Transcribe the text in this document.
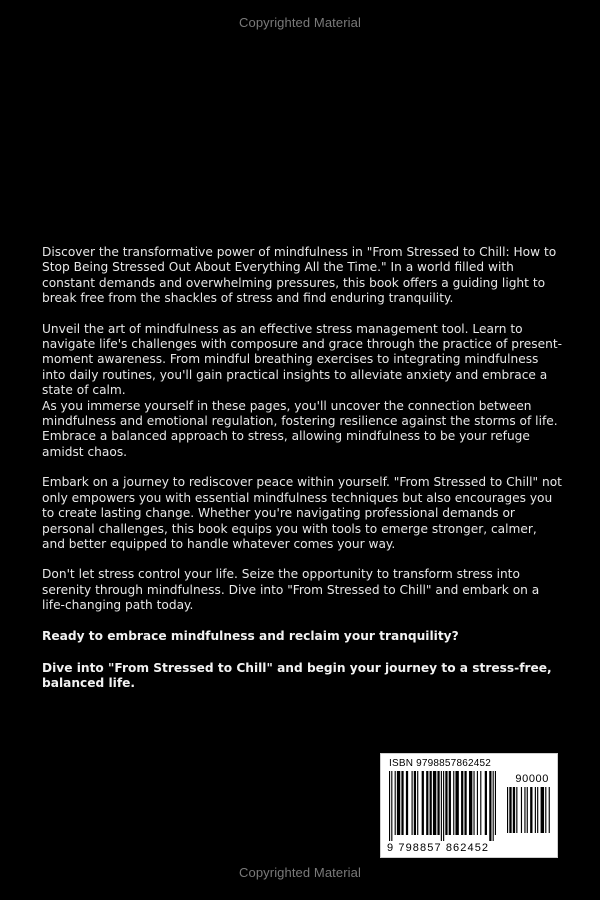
Copyrighted Material

Discover the transformative power of mindfulness in "From Stressed to Chill: How to Stop Being Stressed Out About Everything All the Time." In a world filled with constant demands and overwhelming pressures, this book offers a guiding light to break free from the shackles of stress and find enduring tranquility.

Unveil the art of mindfulness as an effective stress management tool. Learn to navigate life's challenges with composure and grace through the practice of present-moment awareness. From mindful breathing exercises to integrating mindfulness into daily routines, you'll gain practical insights to alleviate anxiety and embrace a state of calm.

As you immerse yourself in these pages, you'll uncover the connection between mindfulness and emotional regulation, fostering resilience against the storms of life. Embrace a balanced approach to stress, allowing mindfulness to be your refuge amidst chaos.

Embark on a journey to rediscover peace within yourself. "From Stressed to Chill" not only empowers you with essential mindfulness techniques but also encourages you to create lasting change. Whether you're navigating professional demands or personal challenges, this book equips you with tools to emerge stronger, calmer, and better equipped to handle whatever comes your way.

Don't let stress control your life. Seize the opportunity to transform stress into serenity through mindfulness. Dive into "From Stressed to Chill" and embark on a life-changing path today.

Ready to embrace mindfulness and reclaim your tranquility?

Dive into "From Stressed to Chill" and begin your journey to a stress-free, balanced life.

ISBN 9798857862452
90000
9 798857 862452
Copyrighted Material
